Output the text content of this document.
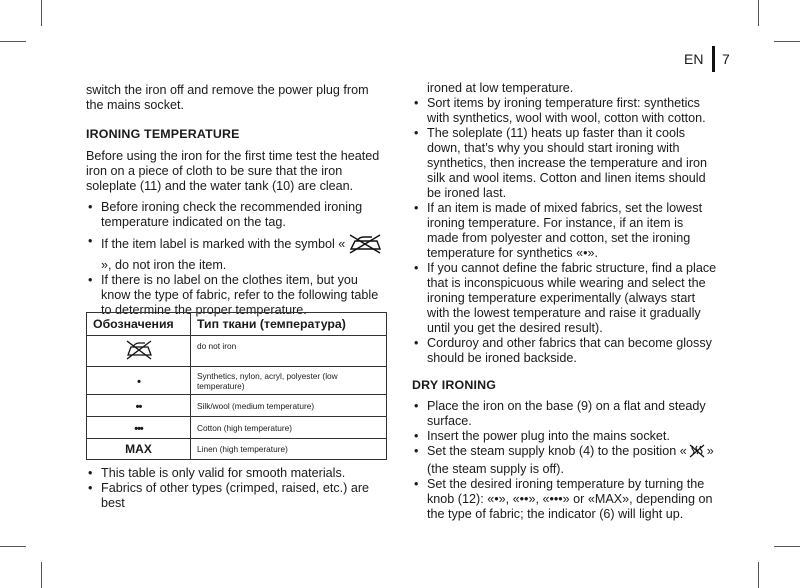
EN 7

switch the iron off and remove the power plug from the mains socket.

IRONING TEMPERATURE

Before using the iron for the first time test the heated iron on a piece of cloth to be sure that the iron soleplate (11) and the water tank (10) are clean.

• Before ironing check the recommended ironing temperature indicated on the tag.
• If the item label is marked with the symbol «», do not iron the item.
• If there is no label on the clothes item, but you know the type of fabric, refer to the following table to determine the proper temperature.
Обозначения	Тип ткани (температура)
	do not iron
•	Synthetics, nylon, acryl, polyester (low temperature)
••	Silk/wool (medium temperature)
•••	Cotton (high temperature)
MAX	Linen (high temperature)
• This table is only valid for smooth materials.
• Fabrics of other types (crimped, raised, etc.) are best

ironed at low temperature.

• Sort items by ironing temperature first: synthetics with synthetics, wool with wool, cotton with cotton.
• The soleplate (11) heats up faster than it cools down, that’s why you should start ironing with synthetics, then increase the temperature and iron silk and wool items. Cotton and linen items should be ironed last.
• If an item is made of mixed fabrics, set the lowest ironing temperature. For instance, if an item is made from polyester and cotton, set the ironing temperature for synthetics «•».
• If you cannot define the fabric structure, find a place that is inconspicuous while wearing and select the ironing temperature experimentally (always start with the lowest temperature and raise it gradually until you get the desired result).
• Corduroy and other fabrics that can become glossy should be ironed backside.

DRY IRONING

• Place the iron on the base (9) on a flat and steady surface.
• Insert the power plug into the mains socket.
• Set the steam supply knob (4) to the position « » (the steam supply is off).
• Set the desired ironing temperature by turning the knob (12): «•», «••», «•••» or «MAX», depending on the type of fabric; the indicator (6) will light up.
